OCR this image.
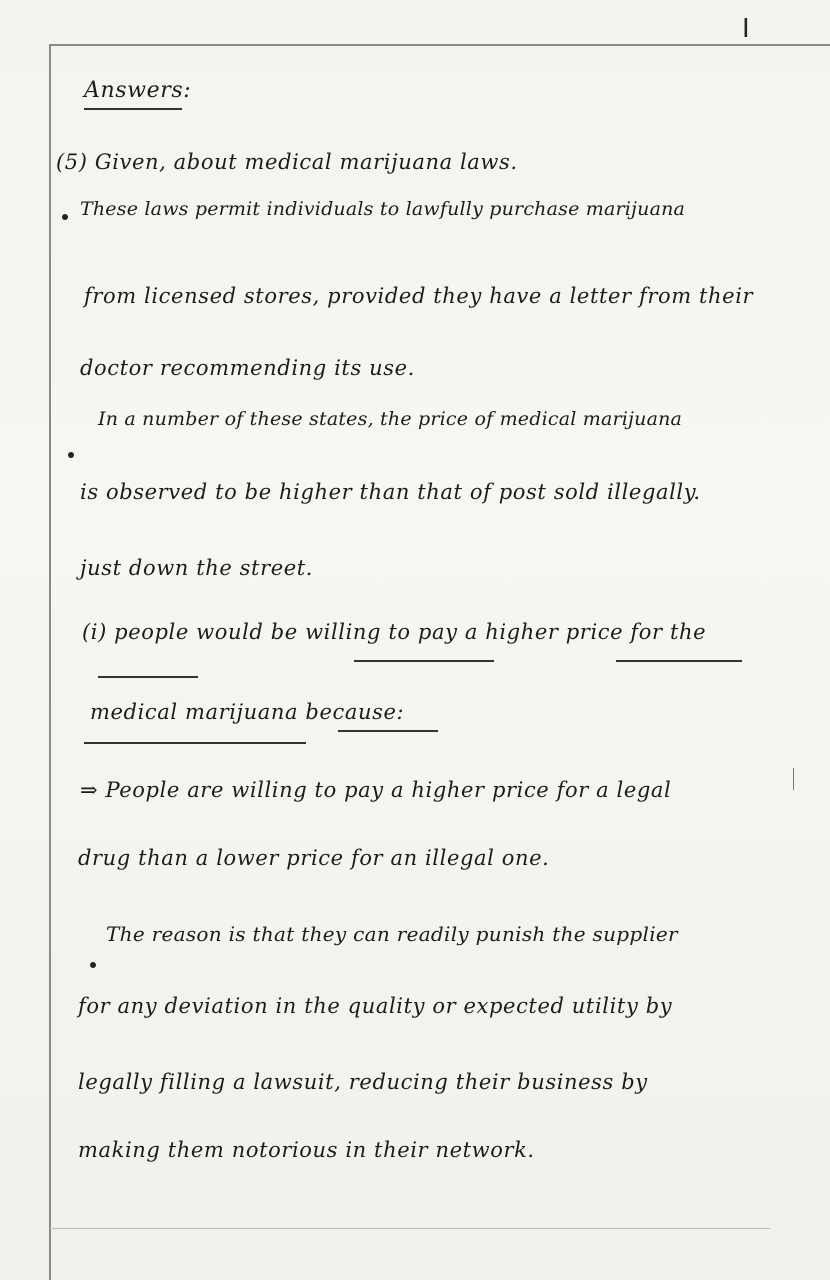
I
Answers:
(5) Given, about medical marijuana laws.
These laws permit individuals to lawfully purchase marijuana
from licensed stores, provided they have a letter from their
doctor recommending its use.
In a number of these states, the price of medical marijuana
is observed to be higher than that of post sold illegally.
just down the street.
(i) people would be willing to pay a higher price for the
medical marijuana because:
⇒ People are willing to pay a higher price for a legal
drug than a lower price for an illegal one.
The reason is that they can readily punish the supplier
for any deviation in the quality or expected utility by
legally filling a lawsuit, reducing their business by
making them notorious in their network.
